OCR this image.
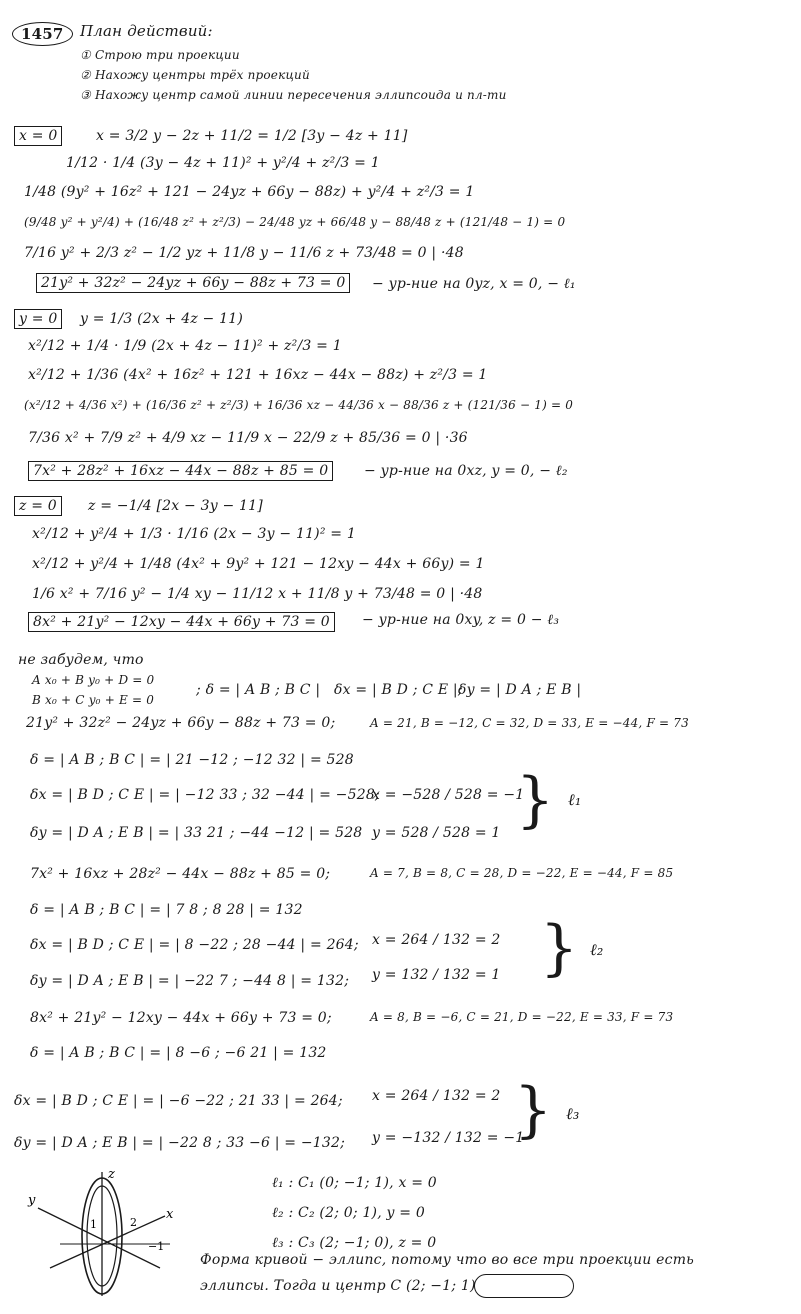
1457	План действий:
① Строю три проекции
② Нахожу центры трёх проекций
③ Нахожу центр самой линии пересечения эллипсоида и пл-ти
x = 0	x = 3/2 y − 2z + 11/2 = 1/2 [3y − 4z + 11]
1/12 · 1/4 (3y − 4z + 11)² + y²/4 + z²/3 = 1
1/48 (9y² + 16z² + 121 − 24yz + 66y − 88z) + y²/4 + z²/3 = 1
(9/48 y² + y²/4) + (16/48 z² + z²/3) − 24/48 yz + 66/48 y − 88/48 z + (121/48 − 1) = 0
7/16 y² + 2/3 z² − 1/2 yz + 11/8 y − 11/6 z + 73/48 = 0 | ·48
21y² + 32z² − 24yz + 66y − 88z + 73 = 0	− ур-ние на 0yz, x = 0, − ℓ₁
y = 0	y = 1/3 (2x + 4z − 11)
x²/12 + 1/4 · 1/9 (2x + 4z − 11)² + z²/3 = 1
x²/12 + 1/36 (4x² + 16z² + 121 + 16xz − 44x − 88z) + z²/3 = 1
(x²/12 + 4/36 x²) + (16/36 z² + z²/3) + 16/36 xz − 44/36 x − 88/36 z + (121/36 − 1) = 0
7/36 x² + 7/9 z² + 4/9 xz − 11/9 x − 22/9 z + 85/36 = 0 | ·36
7x² + 28z² + 16xz − 44x − 88z + 85 = 0	− ур-ние на 0xz, y = 0, − ℓ₂
z = 0	z = −1/4 [2x − 3y − 11]
x²/12 + y²/4 + 1/3 · 1/16 (2x − 3y − 11)² = 1
x²/12 + y²/4 + 1/48 (4x² + 9y² + 121 − 12xy − 44x + 66y) = 1
1/6 x² + 7/16 y² − 1/4 xy − 11/12 x + 11/8 y + 73/48 = 0 | ·48
8x² + 21y² − 12xy − 44x + 66y + 73 = 0	− ур-ние на 0xy, z = 0 − ℓ₃
не забудем, что
A x₀ + B y₀ + D = 0
B x₀ + C y₀ + E = 0
; δ = | A B ; B C | δx = | B D ; C E |;
δy = | D A ; E B |
21y² + 32z² − 24yz + 66y − 88z + 73 = 0;	A = 21, B = −12, C = 32, D = 33, E = −44, F = 73
δ = | A B ; B C | = | 21 −12 ; −12 32 | = 528
δx = | B D ; C E | = | −12 33 ; 32 −44 | = −528;
x = −528 / 528 = −1
δy = | D A ; E B | = | 33 21 ; −44 −12 | = 528 y = 528 / 528 = 1 } ℓ₁
7x² + 16xz + 28z² − 44x − 88z + 85 = 0;	A = 7, B = 8, C = 28, D = −22, E = −44, F = 85
δ = | A B ; B C | = | 7 8 ; 8 28 | = 132
δx = | B D ; C E | = | 8 −22 ; 28 −44 | = 264; x = 264 / 132 = 2
δy = | D A ; E B | = | −22 7 ; −44 8 | = 132; y = 132 / 132 = 1 } ℓ₂
8x² + 21y² − 12xy − 44x + 66y + 73 = 0;	A = 8, B = −6, C = 21, D = −22, E = 33, F = 73
δ = | A B ; B C | = | 8 −6 ; −6 21 | = 132
δx = | B D ; C E | = | −6 −22 ; 21 33 | = 264; x = 264 / 132 = 2
δy = | D A ; E B | = | −22 8 ; 33 −6 | = −132; y = −132 / 132 = −1
} ℓ₃
y
z
x
1	2
−1
ℓ₁ : C₁ (0; −1; 1), x = 0
ℓ₂ : C₂ (2; 0; 1), y = 0
ℓ₃ : C₃ (2; −1; 0), z = 0
Форма кривой − эллипс, потому что во все три проекции есть
эллипсы. Тогда и центр C (2; −1; 1)
